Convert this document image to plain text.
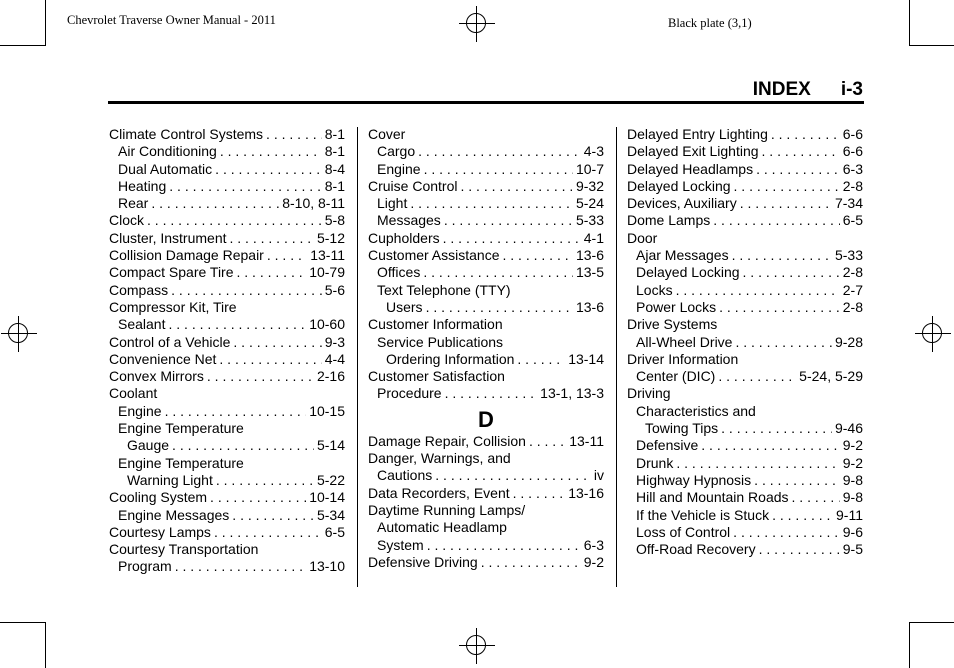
Chevrolet Traverse Owner Manual - 2011	Black plate (3,1)
INDEX i-3
Climate Control Systems . . .	8-1
Air Conditioning . . .	8-1
Dual Automatic . . .	8-4
Heating . . .	8-1
Rear . . .	8-10, 8-11
Clock . . .	5-8
Cluster, Instrument . . .	5-12
Collision Damage Repair . . .	13-11
Compact Spare Tire . . .	10-79
Compass . . .	5-6
Compressor Kit, Tire
Sealant . . .	10-60
Control of a Vehicle . . .	9-3
Convenience Net . . .	4-4
Convex Mirrors . . .	2-16
Coolant
Engine . . .	10-15
Engine Temperature
Gauge . . .	5-14
Engine Temperature
Warning Light . . .	5-22
Cooling System . . .	10-14
Engine Messages . . .	5-34
Courtesy Lamps . . .	6-5
Courtesy Transportation
Program . . .	13-10
Cover
Cargo . . .	4-3
Engine . . .	10-7
Cruise Control . . .	9-32
Light . . .	5-24
Messages . . .	5-33
Cupholders . . .	4-1
Customer Assistance . . .	13-6
Offices . . .	13-5
Text Telephone (TTY)
Users . . .	13-6
Customer Information
Service Publications
Ordering Information . . .	13-14
Customer Satisfaction
Procedure . . .	13-1, 13-3
D
Damage Repair, Collision . . .	13-11
Danger, Warnings, and
Cautions . . .	iv
Data Recorders, Event . . .	13-16
Daytime Running Lamps/
Automatic Headlamp
System . . .	6-3
Defensive Driving . . .	9-2
Delayed Entry Lighting . . .	6-6
Delayed Exit Lighting . . .	6-6
Delayed Headlamps . . .	6-3
Delayed Locking . . .	2-8
Devices, Auxiliary . . .	7-34
Dome Lamps . . .	6-5
Door
Ajar Messages . . .	5-33
Delayed Locking . . .	2-8
Locks . . .	2-7
Power Locks . . .	2-8
Drive Systems
All-Wheel Drive . . .	9-28
Driver Information
Center (DIC) . . .	5-24, 5-29
Driving
Characteristics and
Towing Tips . . .	9-46
Defensive . . .	9-2
Drunk . . .	9-2
Highway Hypnosis . . .	9-8
Hill and Mountain Roads . . .	9-8
If the Vehicle is Stuck . . .	9-11
Loss of Control . . .	9-6
Off-Road Recovery . . .	9-5
